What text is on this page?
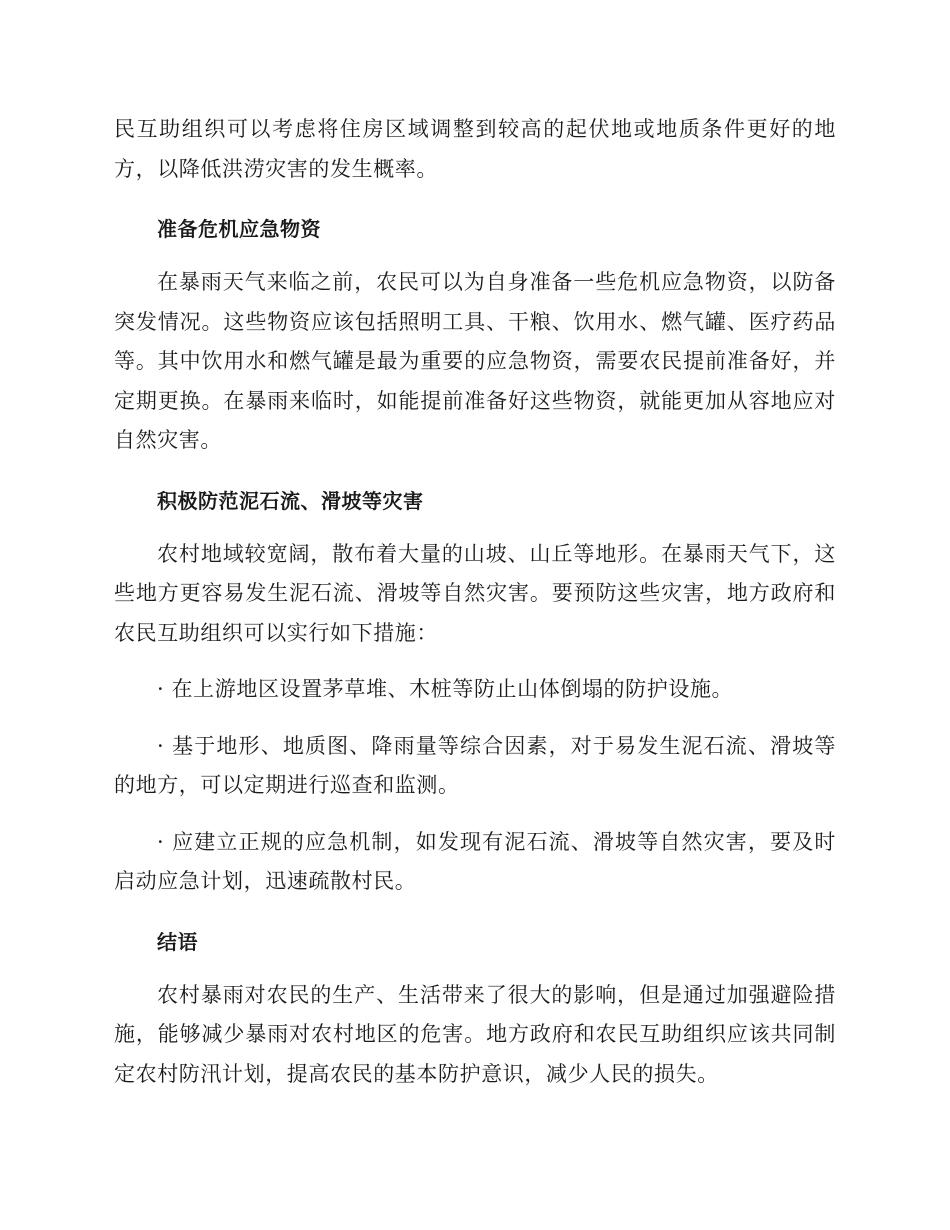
民互助组织可以考虑将住房区域调整到较高的起伏地或地质条件更好的地方，以降低洪涝灾害的发生概率。

准备危机应急物资

在暴雨天气来临之前，农民可以为自身准备一些危机应急物资，以防备突发情况。这些物资应该包括照明工具、干粮、饮用水、燃气罐、医疗药品等。其中饮用水和燃气罐是最为重要的应急物资，需要农民提前准备好，并定期更换。在暴雨来临时，如能提前准备好这些物资，就能更加从容地应对自然灾害。

积极防范泥石流、滑坡等灾害

农村地域较宽阔，散布着大量的山坡、山丘等地形。在暴雨天气下，这些地方更容易发生泥石流、滑坡等自然灾害。要预防这些灾害，地方政府和农民互助组织可以实行如下措施：

· 在上游地区设置茅草堆、木桩等防止山体倒塌的防护设施。

· 基于地形、地质图、降雨量等综合因素，对于易发生泥石流、滑坡等的地方，可以定期进行巡查和监测。

· 应建立正规的应急机制，如发现有泥石流、滑坡等自然灾害，要及时启动应急计划，迅速疏散村民。

结语

农村暴雨对农民的生产、生活带来了很大的影响，但是通过加强避险措施，能够减少暴雨对农村地区的危害。地方政府和农民互助组织应该共同制定农村防汛计划，提高农民的基本防护意识，减少人民的损失。
